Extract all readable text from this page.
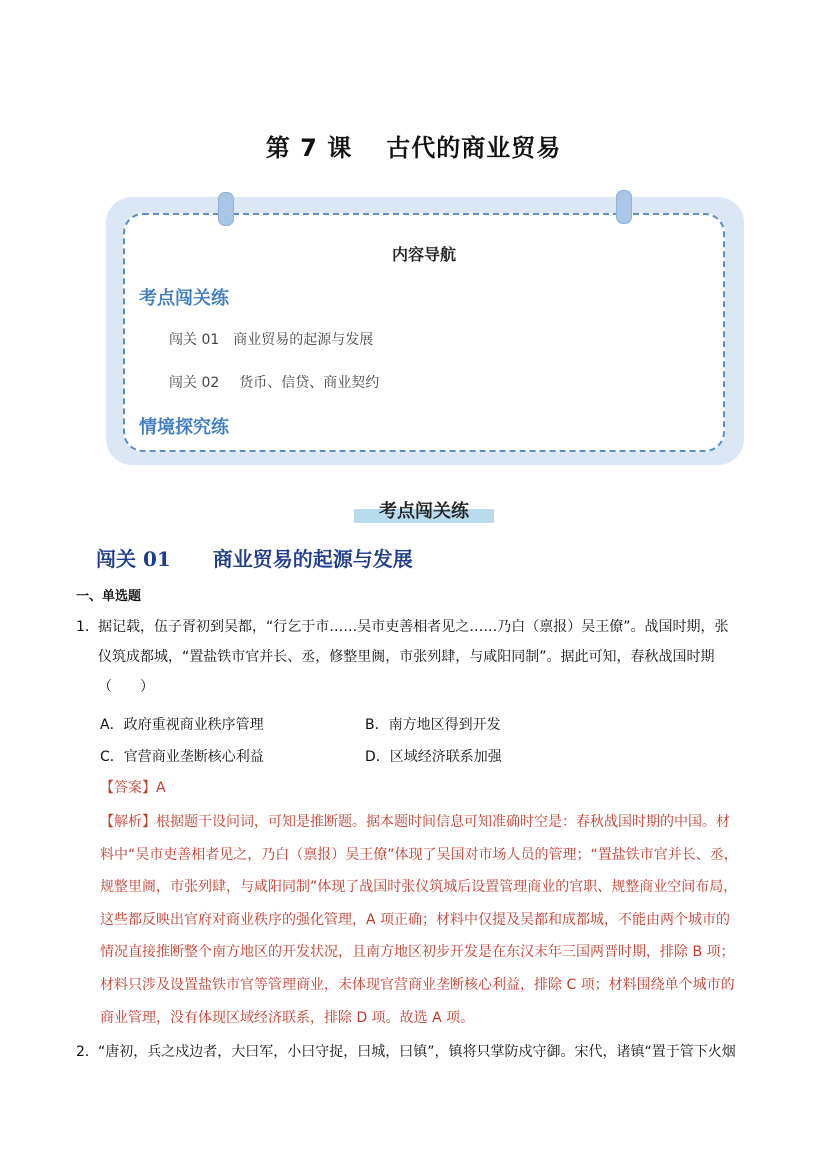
第 7 课 古代的商业贸易
内容导航
考点闯关练
闯关 01 商业贸易的起源与发展
闯关 02 货币、信贷、商业契约
情境探究练
考点闯关练
闯关 01 商业贸易的起源与发展
一、单选题
1．据记载，伍子胥初到吴都，“行乞于市……吴市吏善相者见之……乃白（禀报）吴王僚”。战国时期，张
仪筑成都城，“置盐铁市官并长、丞，修整里阓，市张列肆，与咸阳同制”。据此可知，春秋战国时期
（　　）
A．政府重视商业秩序管理	B．南方地区得到开发
C．官营商业垄断核心利益	D．区域经济联系加强
【答案】A
【解析】根据题干设问词，可知是推断题。据本题时间信息可知准确时空是：春秋战国时期的中国。材
料中“吴市吏善相者见之，乃白（禀报）吴王僚”体现了吴国对市场人员的管理；“置盐铁市官并长、丞，
规整里阓，市张列肆，与咸阳同制”体现了战国时张仪筑城后设置管理商业的官职、规整商业空间布局，
这些都反映出官府对商业秩序的强化管理，A 项正确；材料中仅提及吴都和成都城，不能由两个城市的
情况直接推断整个南方地区的开发状况，且南方地区初步开发是在东汉末年三国两晋时期，排除 B 项；
材料只涉及设置盐铁市官等管理商业，未体现官营商业垄断核心利益，排除 C 项；材料围绕单个城市的
商业管理，没有体现区域经济联系，排除 D 项。故选 A 项。
2．“唐初，兵之戍边者，大曰军，小曰守捉，曰城，曰镇”，镇将只掌防戍守御。宋代，诸镇“置于管下火烟
